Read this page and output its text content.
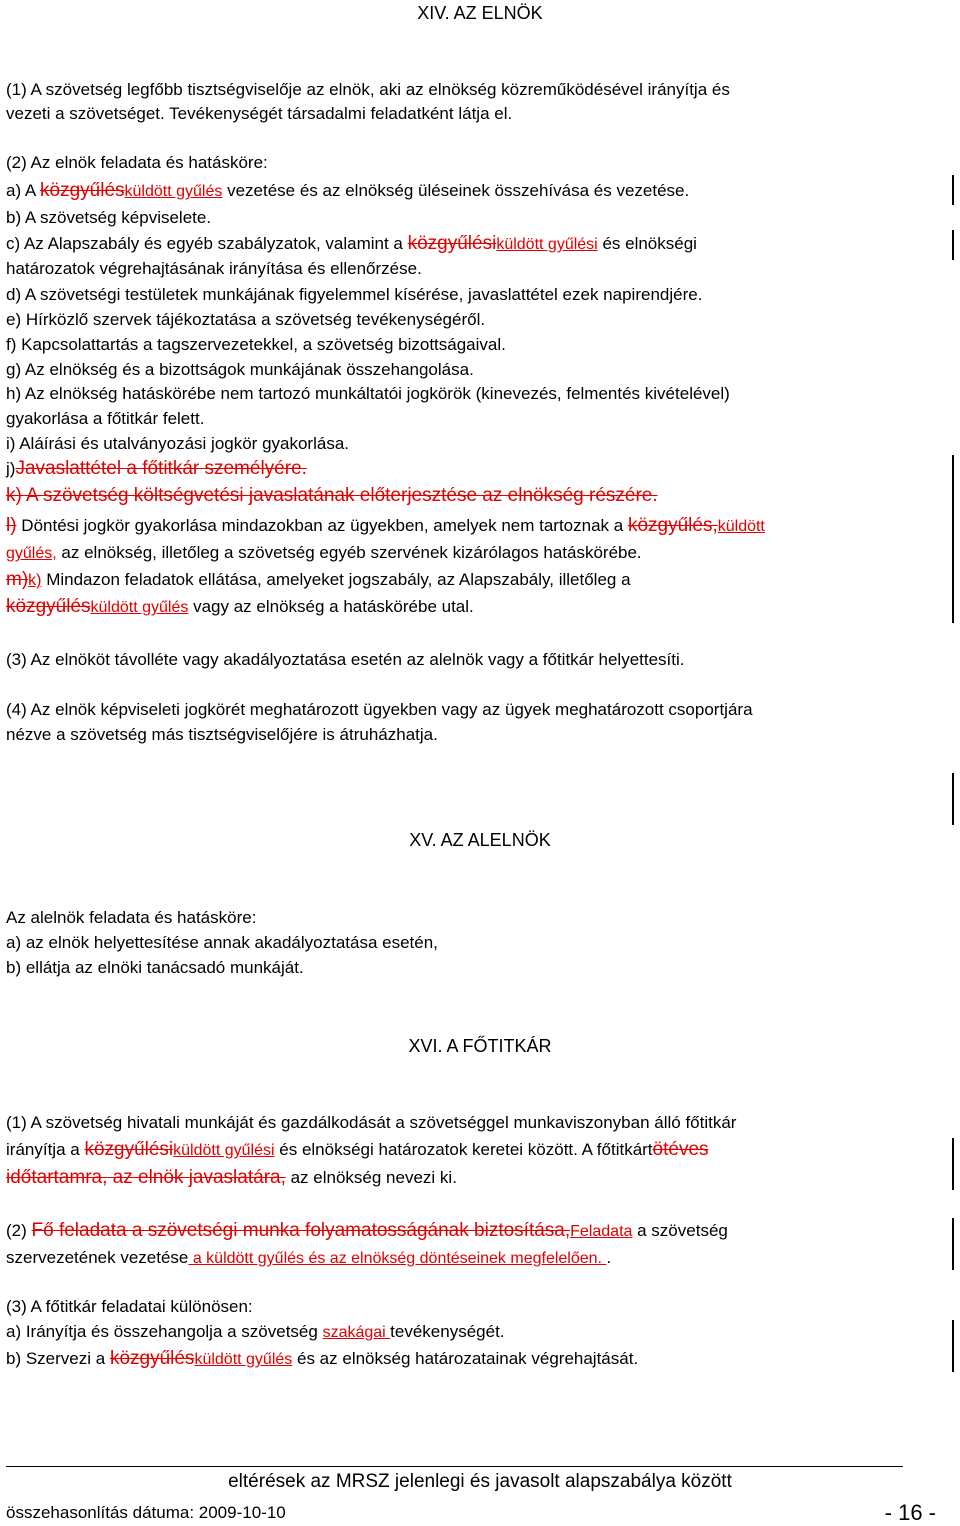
XIV. AZ ELNÖK
(1) A szövetség legfőbb tisztségviselője az elnök, aki az elnökség közreműködésével irányítja és
vezeti a szövetséget. Tevékenységét társadalmi feladatként látja el.
(2) Az elnök feladata és hatásköre:
a) A közgyűlésküldött gyűlés vezetése és az elnökség üléseinek összehívása és vezetése.
b) A szövetség képviselete.
c) Az Alapszabály és egyéb szabályzatok, valamint a közgyűlésiküldött gyűlési és elnökségi
határozatok végrehajtásának irányítása és ellenőrzése.
d) A szövetségi testületek munkájának figyelemmel kísérése, javaslattétel ezek napirendjére.
e) Hírközlő szervek tájékoztatása a szövetség tevékenységéről.
f) Kapcsolattartás a tagszervezetekkel, a szövetség bizottságaival.
g) Az elnökség és a bizottságok munkájának összehangolása.
h) Az elnökség hatáskörébe nem tartozó munkáltatói jogkörök (kinevezés, felmentés kivételével)
gyakorlása a főtitkár felett.
i) Aláírási és utalványozási jogkör gyakorlása.
j)Javaslattétel a főtitkár személyére.
k) A szövetség költségvetési javaslatának előterjesztése az elnökség részére.
l) Döntési jogkör gyakorlása mindazokban az ügyekben, amelyek nem tartoznak a közgyűlés,küldött
gyűlés, az elnökség, illetőleg a szövetség egyéb szervének kizárólagos hatáskörébe.
m)k) Mindazon feladatok ellátása, amelyeket jogszabály, az Alapszabály, illetőleg a
közgyűlésküldött gyűlés vagy az elnökség a hatáskörébe utal.
(3) Az elnököt távolléte vagy akadályoztatása esetén az alelnök vagy a főtitkár helyettesíti.
(4) Az elnök képviseleti jogkörét meghatározott ügyekben vagy az ügyek meghatározott csoportjára
nézve a szövetség más tisztségviselőjére is átruházhatja.
XV. AZ ALELNÖK
Az alelnök feladata és hatásköre:
a) az elnök helyettesítése annak akadályoztatása esetén,
b) ellátja az elnöki tanácsadó munkáját.
XVI. A FŐTITKÁR
(1) A szövetség hivatali munkáját és gazdálkodását a szövetséggel munkaviszonyban álló főtitkár
irányítja a közgyűlésiküldött gyűlési és elnökségi határozatok keretei között. A főtitkártötéves
időtartamra, az elnök javaslatára, az elnökség nevezi ki.
(2) Fő feladata a szövetségi munka folyamatosságának biztosítása,Feladata a szövetség
szervezetének vezetése a küldött gyűlés és az elnökség döntéseinek megfelelően. .
(3) A főtitkár feladatai különösen:
a) Irányítja és összehangolja a szövetség szakágai tevékenységét.
b) Szervezi a közgyűlésküldött gyűlés és az elnökség határozatainak végrehajtását.
eltérések az MRSZ jelenlegi és javasolt alapszabálya között
összehasonlítás dátuma: 2009-10-10	- 16 -
